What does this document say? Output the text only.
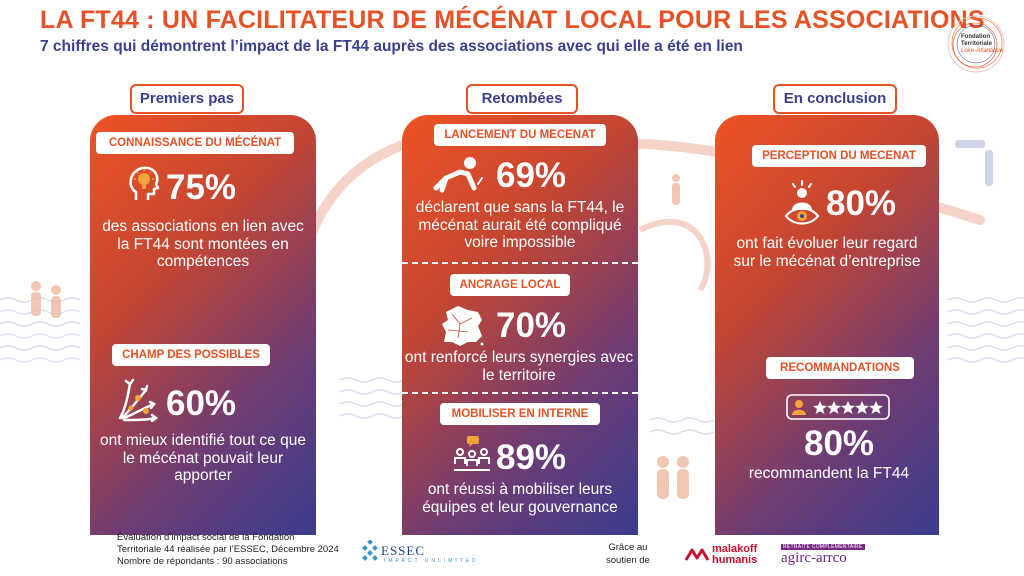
LA FT44 : UN FACILITATEUR DE MÉCÉNAT LOCAL POUR LES ASSOCIATIONS
7 chiffres qui démontrent l’impact de la FT44 auprès des associations avec qui elle a été en lien
Fondation
Territoriale
Loire-Atlantique
Premiers pas	Retombées	En conclusion
CONNAISSANCE DU MÉCÉNAT
75%
des associations en lien avec la FT44 sont montées en compétences
CHAMP DES POSSIBLES
60%
ont mieux identifié tout ce que le mécénat pouvait leur apporter
LANCEMENT DU MECENAT
69%
déclarent que sans la FT44, le mécénat aurait été compliqué voire impossible
ANCRAGE LOCAL
70%
ont renforcé leurs synergies avec le territoire
MOBILISER EN INTERNE
89%
ont réussi à mobiliser leurs équipes et leur gouvernance
PERCEPTION DU MECENAT
80%
ont fait évoluer leur regard sur le mécénat d’entreprise
RECOMMANDATIONS
80%
recommandent la FT44
Évaluation d’impact social de la Fondation
Territoriale 44 réalisée par l’ESSEC, Décembre 2024
Nombre de répondants : 90 associations
ESSEC
IMPACT UNLIMITED
Grâce au
soutien de
malakoff
humanis
RETRAITE COMPLÉMENTAIRE
agirc-arrco
